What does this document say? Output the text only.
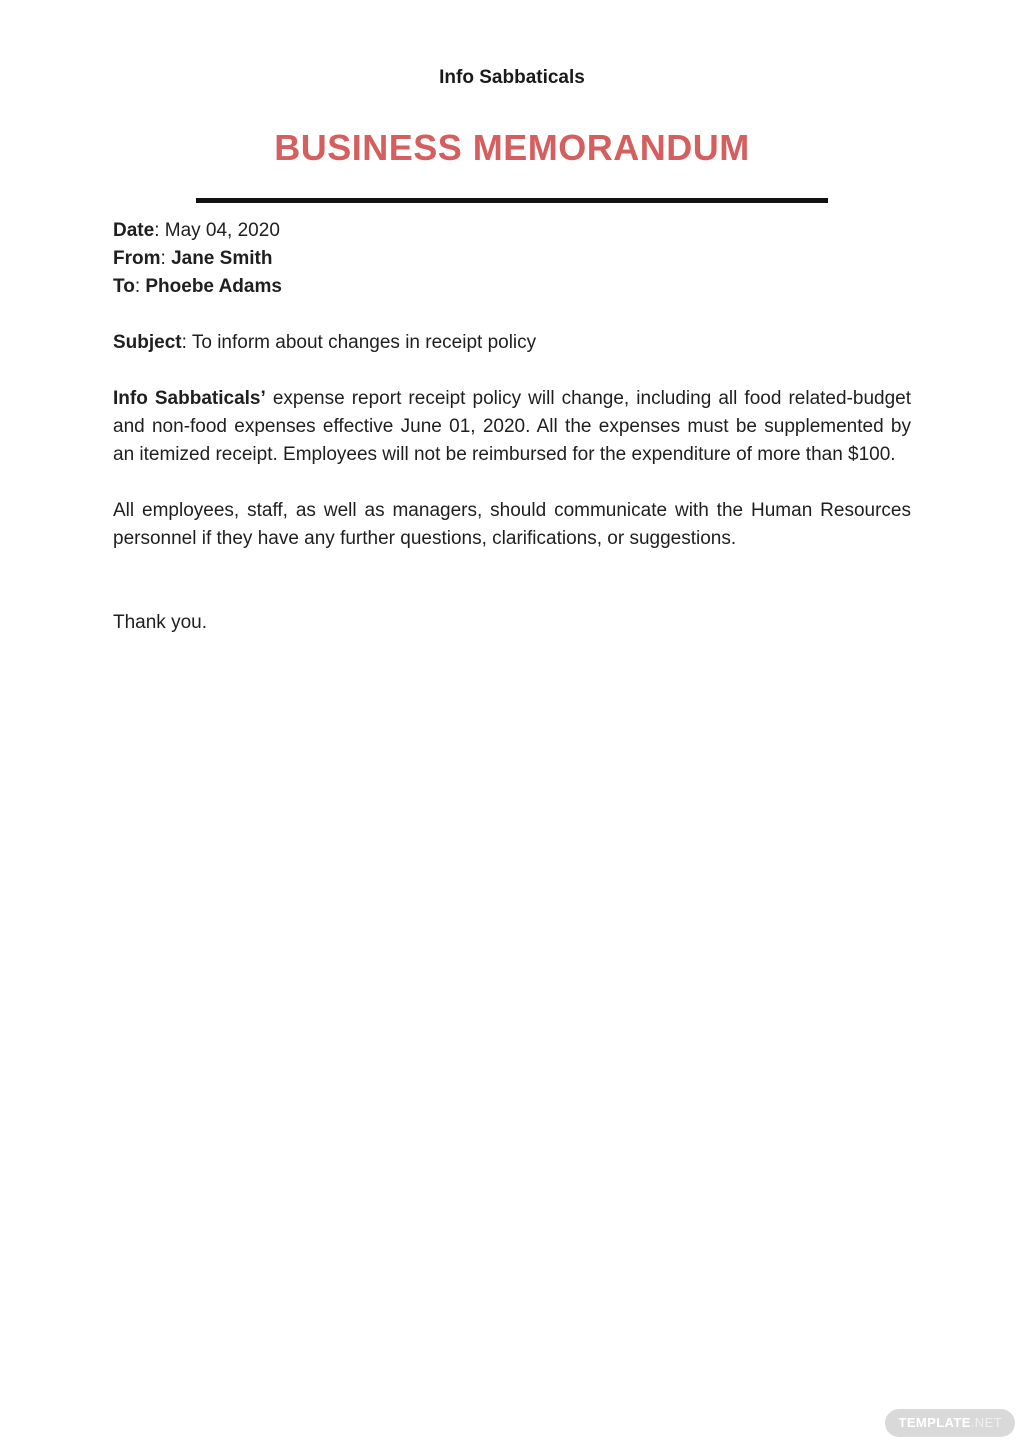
Info Sabbaticals
BUSINESS MEMORANDUM
Date: May 04, 2020
From: Jane Smith
To: Phoebe Adams
Subject: To inform about changes in receipt policy

Info Sabbaticals’ expense report receipt policy will change, including all food related-budget and non-food expenses effective June 01, 2020. All the expenses must be supplemented by an itemized receipt. Employees will not be reimbursed for the expenditure of more than $100.

All employees, staff, as well as managers, should communicate with the Human Resources personnel if they have any further questions, clarifications, or suggestions.

Thank you.

TEMPLATE.NET
